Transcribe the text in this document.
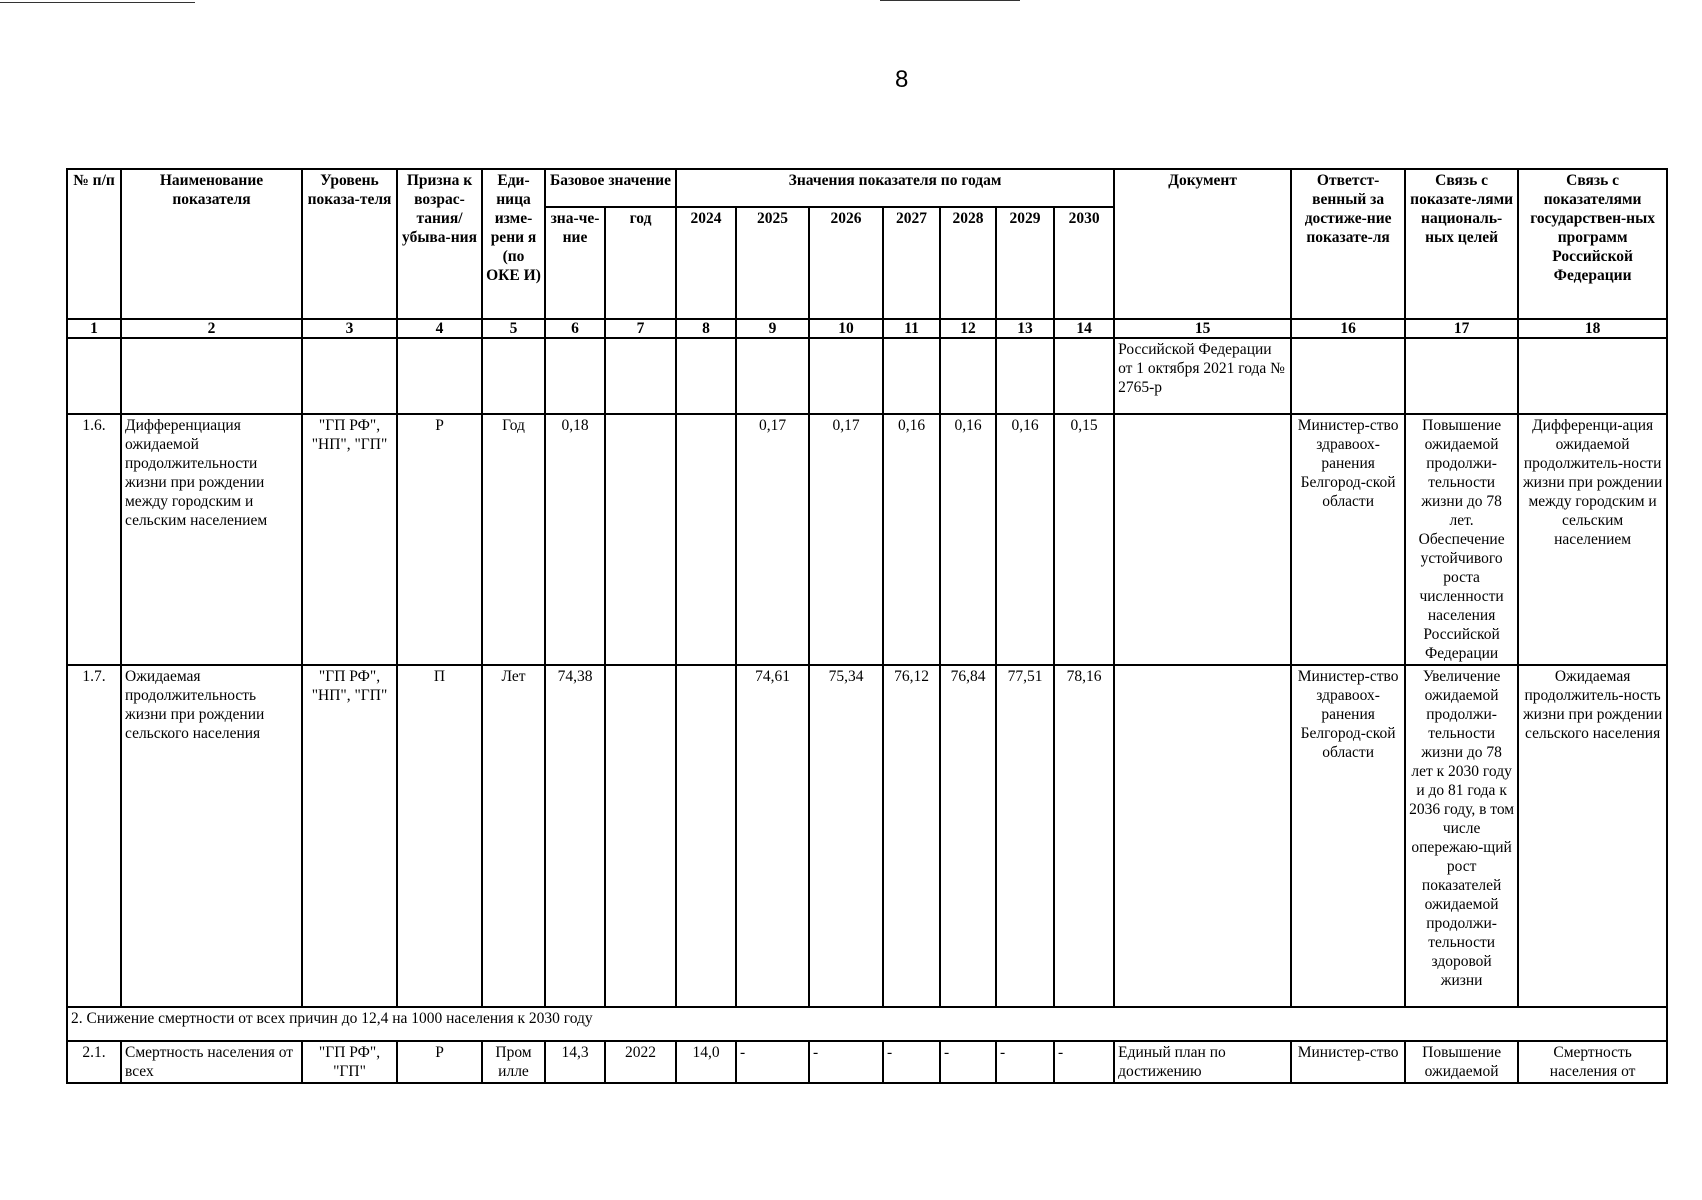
8
№ п/п	Наименование показателя	Уровень показа-теля	Призна к возрас-тания/ убыва-ния	Еди-ница изме-рени я (по ОКЕ И)	Базовое значение		Значения показателя по годам							Документ	Ответст-венный за достиже-ние показате-ля	Связь с показате-лями националь-ных целей	Связь с показателями государствен-ных программ Российской Федерации
					зна-че-ние	год	2024	2025	2026	2027	2028	2029	2030				
1	2	3	4	5	6	7	8	9	10	11	12	13	14	15	16	17	18
														Российской Федерации от 1 октября 2021 года № 2765-р			
1.6.	Дифференциация ожидаемой продолжительности жизни при рождении между городским и сельским населением	"ГП РФ", "НП", "ГП"	Р	Год	0,18			0,17	0,17	0,16	0,16	0,16	0,15		Министер-ство здравоох-ранения Белгород-ской области	Повышение ожидаемой продолжи-тельности жизни до 78 лет. Обеспечение устойчивого роста численности населения Российской Федерации	Дифференци-ация ожидаемой продолжитель-ности жизни при рождении между городским и сельским населением
1.7.	Ожидаемая продолжительность жизни при рождении сельского населения	"ГП РФ", "НП", "ГП"	П	Лет	74,38			74,61	75,34	76,12	76,84	77,51	78,16		Министер-ство здравоох-ранения Белгород-ской области	Увеличение ожидаемой продолжи-тельности жизни до 78 лет к 2030 году и до 81 года к 2036 году, в том числе опережаю-щий рост показателей ожидаемой продолжи-тельности здоровой жизни	Ожидаемая продолжитель-ность жизни при рождении сельского населения
2. Снижение смертности от всех причин до 12,4 на 1000 населения к 2030 году																	
2.1.	Смертность населения от всех	"ГП РФ", "ГП"	Р	Пром илле	14,3	2022	14,0	-	-	-	-	-	-	Единый план по достижению	Министер-ство	Повышение ожидаемой	Смертность населения от
